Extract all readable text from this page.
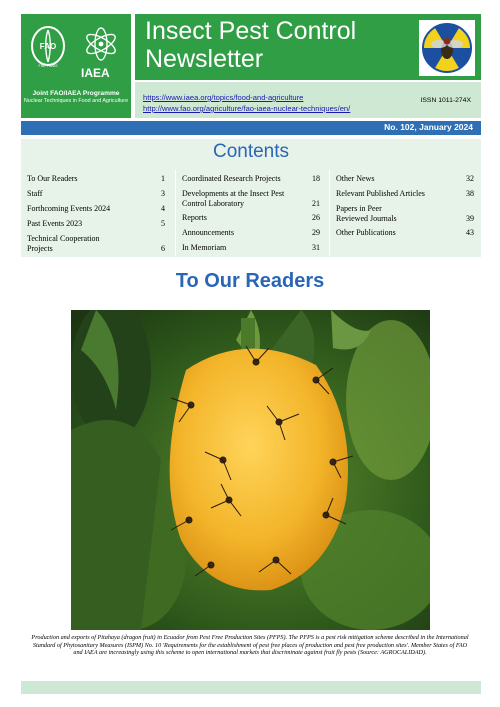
FAO
FIAT PANIS IAEA
Joint FAO/IAEA Programme
Nuclear Techniques in Food and Agriculture
Insect Pest Control Newsletter
https://www.iaea.org/topics/food-and-agriculture
http://www.fao.org/agriculture/fao-iaea-nuclear-techniques/en/
ISSN 1011-274X
No. 102, January 2024
Contents
To Our Readers	1
Staff	3
Forthcoming Events 2024	4
Past Events 2023	5
Technical Cooperation Projects	6
Coordinated Research Projects	18
Developments at the Insect Pest Control Laboratory	21
Reports	26
Announcements	29
In Memoriam	31
Other News	32
Relevant Published Articles	38
Papers in Peer Reviewed Journals	39
Other Publications	43
To Our Readers
Production and exports of Pitahaya (dragon fruit) in Ecuador from Pest Free Production Sites (PFPS). The PFPS is a pest risk mitigation scheme described in the International Standard of Phytosanitary Measures (ISPM) No. 10 'Requirements for the establishment of pest free places of production and pest free production sites'. Member States of FAO and IAEA are increasingly using this scheme to open international markets that discriminate against fruit fly pests (Source: AGROCALIDAD).
